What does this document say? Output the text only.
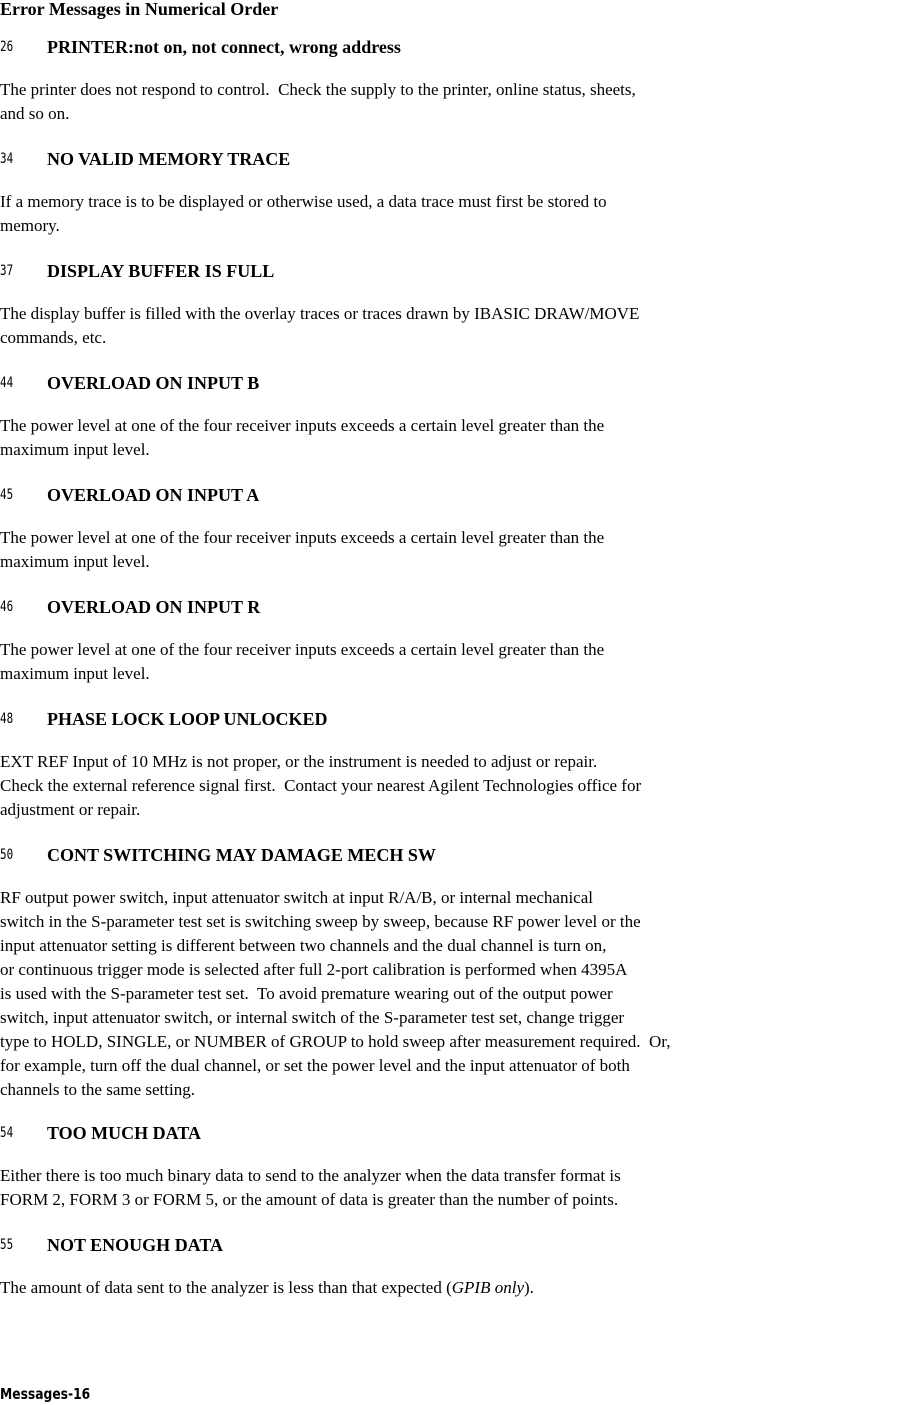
Error Messages in Numerical Order
26 PRINTER:not on, not connect, wrong address
The printer does not respond to control.  Check the supply to the printer, online status, sheets,
and so on.
34 NO VALID MEMORY TRACE
If a memory trace is to be displayed or otherwise used, a data trace must first be stored to
memory.
37 DISPLAY BUFFER IS FULL
The display buffer is filled with the overlay traces or traces drawn by IBASIC DRAW/MOVE
commands, etc.
44 OVERLOAD ON INPUT B
The power level at one of the four receiver inputs exceeds a certain level greater than the
maximum input level.
45 OVERLOAD ON INPUT A
The power level at one of the four receiver inputs exceeds a certain level greater than the
maximum input level.
46 OVERLOAD ON INPUT R
The power level at one of the four receiver inputs exceeds a certain level greater than the
maximum input level.
48 PHASE LOCK LOOP UNLOCKED
EXT REF Input of 10 MHz is not proper, or the instrument is needed to adjust or repair.
Check the external reference signal first.  Contact your nearest Agilent Technologies office for
adjustment or repair.
50 CONT SWITCHING MAY DAMAGE MECH SW
RF output power switch, input attenuator switch at input R/A/B, or internal mechanical
switch in the S-parameter test set is switching sweep by sweep, because RF power level or the
input attenuator setting is different between two channels and the dual channel is turn on,
or continuous trigger mode is selected after full 2-port calibration is performed when 4395A
is used with the S-parameter test set.  To avoid premature wearing out of the output power
switch, input attenuator switch, or internal switch of the S-parameter test set, change trigger
type to HOLD, SINGLE, or NUMBER of GROUP to hold sweep after measurement required.  Or,
for example, turn off the dual channel, or set the power level and the input attenuator of both
channels to the same setting.
54 TOO MUCH DATA
Either there is too much binary data to send to the analyzer when the data transfer format is
FORM 2, FORM 3 or FORM 5, or the amount of data is greater than the number of points.
55 NOT ENOUGH DATA
The amount of data sent to the analyzer is less than that expected (GPIB only).
Messages-16
